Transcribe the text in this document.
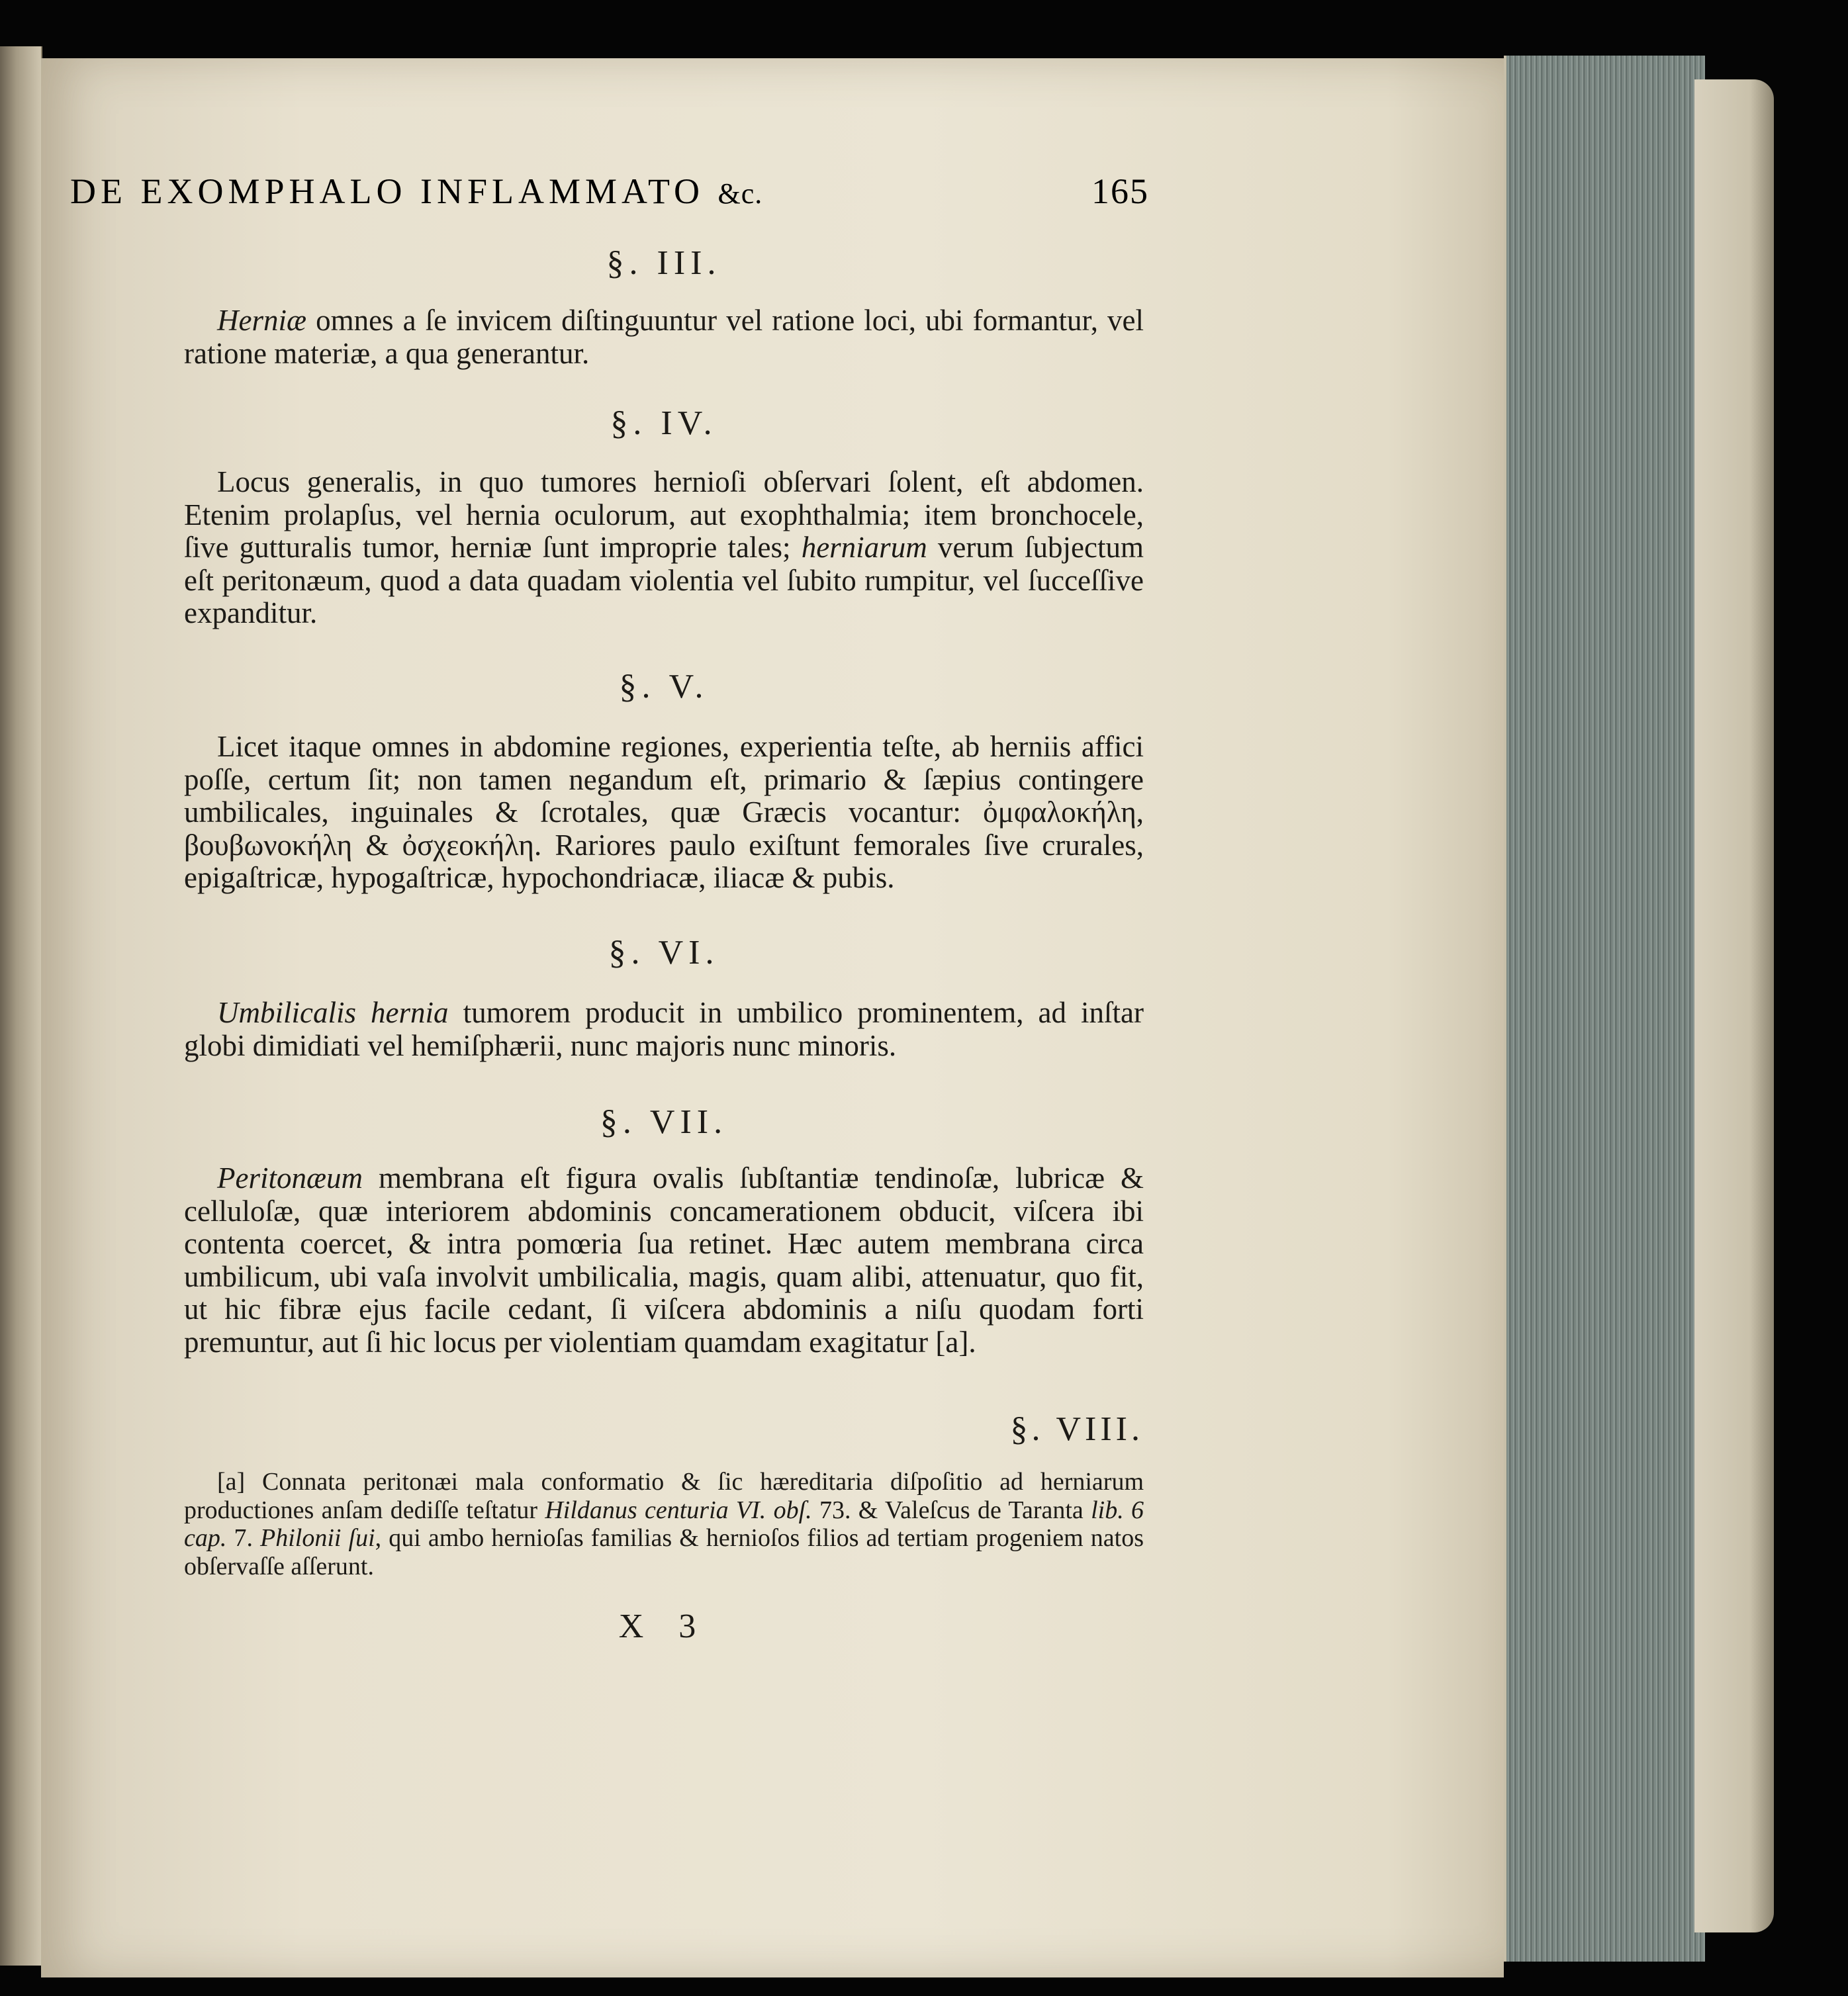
DE EXOMPHALO INFLAMMATO &c.	165
§. III.
Herniæ omnes a ſe invicem diſtinguuntur vel ratione loci, ubi formantur, vel ratione materiæ, a qua generantur.
§. IV.
Locus generalis, in quo tumores hernioſi obſervari ſolent, eſt abdomen. Etenim prolapſus, vel hernia oculorum, aut exophthalmia; item bronchocele, ſive gutturalis tumor, herniæ ſunt improprie tales; herniarum verum ſubjectum eſt peritonæum, quod a data quadam violentia vel ſubito rumpitur, vel ſucceſſive expanditur.
§. V.
Licet itaque omnes in abdomine regiones, experientia teſte, ab herniis affici poſſe, certum ſit; non tamen negandum eſt, primario & ſæpius contingere umbilicales, inguinales & ſcrotales, quæ Græcis vocantur: ὀμφαλοκήλη, βουβωνοκήλη & ὀσχεοκήλη. Rariores paulo exiſtunt femorales ſive crurales, epigaſtricæ, hypogaſtricæ, hypochondriacæ, iliacæ & pubis.
§. VI.
Umbilicalis hernia tumorem producit in umbilico prominentem, ad inſtar globi dimidiati vel hemiſphærii, nunc majoris nunc minoris.
§. VII.
Peritonæum membrana eſt figura ovalis ſubſtantiæ tendinoſæ, lubricæ & celluloſæ, quæ interiorem abdominis concamerationem obducit, viſcera ibi contenta coercet, & intra pomœria ſua retinet. Hæc autem membrana circa umbilicum, ubi vaſa involvit umbilicalia, magis, quam alibi, attenuatur, quo fit, ut hic fibræ ejus facile cedant, ſi viſcera abdominis a niſu quodam forti premuntur, aut ſi hic locus per violentiam quamdam exagitatur [a].
§. VIII.
[a] Connata peritonæi mala conformatio & ſic hæreditaria diſpoſitio ad herniarum productiones anſam dediſſe teſtatur Hildanus centuria VI. obſ. 73. & Valeſcus de Taranta lib. 6 cap. 7. Philonii ſui, qui ambo hernioſas familias & hernioſos filios ad tertiam progeniem natos obſervaſſe aſſerunt.
X 3
